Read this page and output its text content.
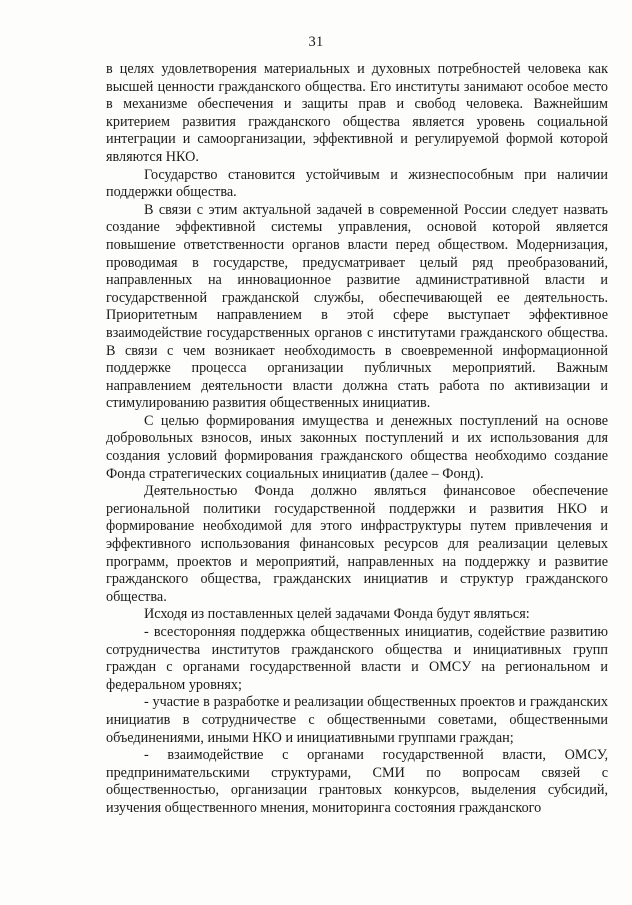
31

в целях удовлетворения материальных и духовных потребностей человека как высшей ценности гражданского общества. Его институты занимают особое место в механизме обеспечения и защиты прав и свобод человека. Важнейшим критерием развития гражданского общества является уровень социальной интеграции и самоорганизации, эффективной и регулируемой формой которой являются НКО.

Государство становится устойчивым и жизнеспособным при наличии поддержки общества.

В связи с этим актуальной задачей в современной России следует назвать создание эффективной системы управления, основой которой является повышение ответственности органов власти перед обществом. Модернизация, проводимая в государстве, предусматривает целый ряд преобразований, направленных на инновационное развитие административной власти и государственной гражданской службы, обеспечивающей ее деятельность. Приоритетным направлением в этой сфере выступает эффективное взаимодействие государственных органов с институтами гражданского общества. В связи с чем возникает необходимость в своевременной информационной поддержке процесса организации публичных мероприятий. Важным направлением деятельности власти должна стать работа по активизации и стимулированию развития общественных инициатив.

С целью формирования имущества и денежных поступлений на основе добровольных взносов, иных законных поступлений и их использования для создания условий формирования гражданского общества необходимо создание Фонда стратегических социальных инициатив (далее – Фонд).

Деятельностью Фонда должно являться финансовое обеспечение региональной политики государственной поддержки и развития НКО и формирование необходимой для этого инфраструктуры путем привлечения и эффективного использования финансовых ресурсов для реализации целевых программ, проектов и мероприятий, направленных на поддержку и развитие гражданского общества, гражданских инициатив и структур гражданского общества.

Исходя из поставленных целей задачами Фонда будут являться:

- всесторонняя поддержка общественных инициатив, содействие развитию сотрудничества институтов гражданского общества и инициативных групп граждан с органами государственной власти и ОМСУ на региональном и федеральном уровнях;

- участие в разработке и реализации общественных проектов и гражданских инициатив в сотрудничестве с общественными советами, общественными объединениями, иными НКО и инициативными группами граждан;

- взаимодействие с органами государственной власти, ОМСУ, предпринимательскими структурами, СМИ по вопросам связей с общественностью, организации грантовых конкурсов, выделения субсидий, изучения общественного мнения, мониторинга состояния гражданского
